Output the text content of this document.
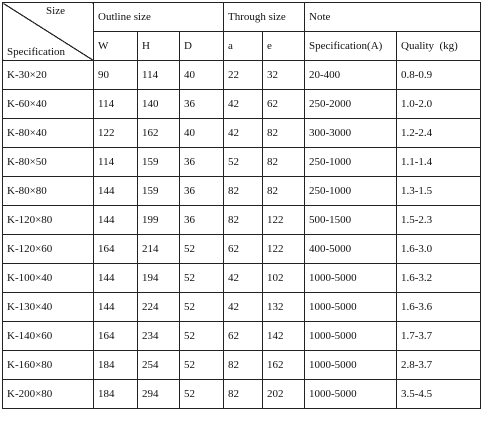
Size
Specification	Outline size			Through size		Note	
	W	H	D	a	e	Specification(A)	Quality  (kg)
K-30×20	90	114	40	22	32	20-400	0.8-0.9
K-60×40	114	140	36	42	62	250-2000	1.0-2.0
K-80×40	122	162	40	42	82	300-3000	1.2-2.4
K-80×50	114	159	36	52	82	250-1000	1.1-1.4
K-80×80	144	159	36	82	82	250-1000	1.3-1.5
K-120×80	144	199	36	82	122	500-1500	1.5-2.3
K-120×60	164	214	52	62	122	400-5000	1.6-3.0
K-100×40	144	194	52	42	102	1000-5000	1.6-3.2
K-130×40	144	224	52	42	132	1000-5000	1.6-3.6
K-140×60	164	234	52	62	142	1000-5000	1.7-3.7
K-160×80	184	254	52	82	162	1000-5000	2.8-3.7
K-200×80	184	294	52	82	202	1000-5000	3.5-4.5
